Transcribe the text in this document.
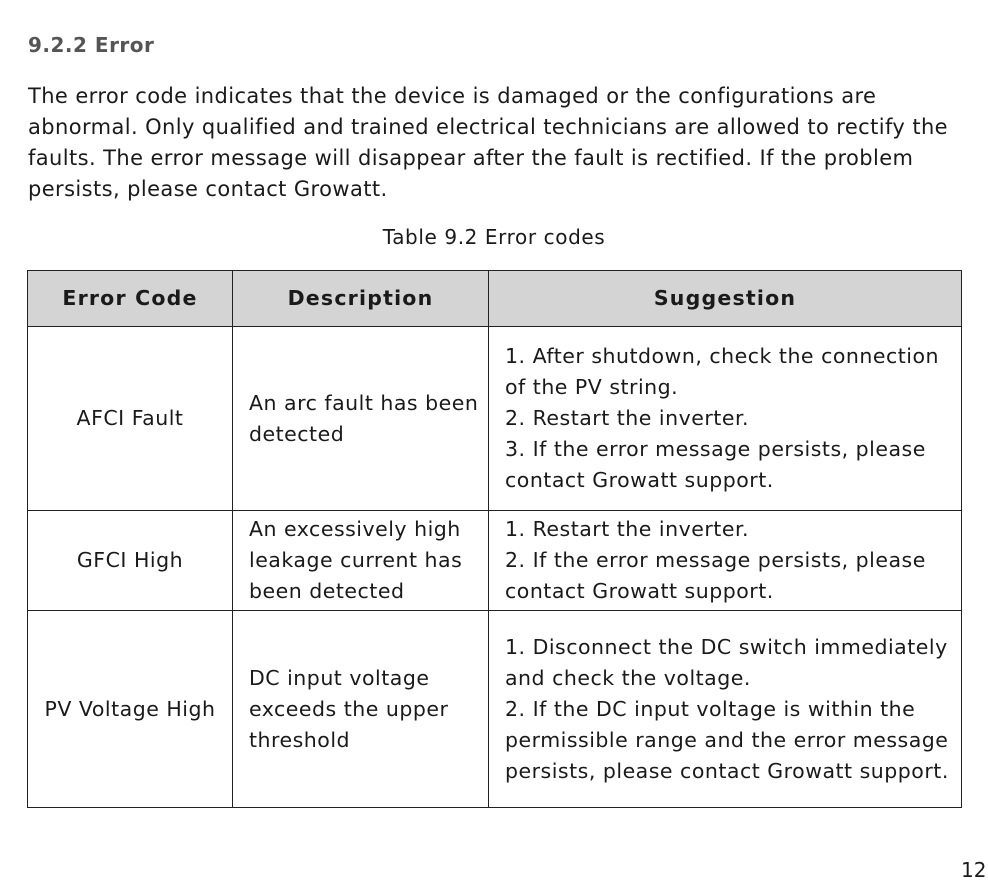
9.2.2 Error

The error code indicates that the device is damaged or the configurations are abnormal. Only qualified and trained electrical technicians are allowed to rectify the faults. The error message will disappear after the fault is rectified. If the problem persists, please contact Growatt.

Table 9.2 Error codes
Error Code	Description	Suggestion
AFCI Fault	An arc fault has been detected	1. After shutdown, check the connection of the PV string.
2. Restart the inverter.
3. If the error message persists, please contact Growatt support.

GFCI High	An excessively high leakage current has been detected	1. Restart the inverter.
2. If the error message persists, please contact Growatt support.

PV Voltage High	DC input voltage exceeds the upper threshold	1. Disconnect the DC switch immediately and check the voltage.
2. If the DC input voltage is within the permissible range and the error message persists, please contact Growatt support.
12
